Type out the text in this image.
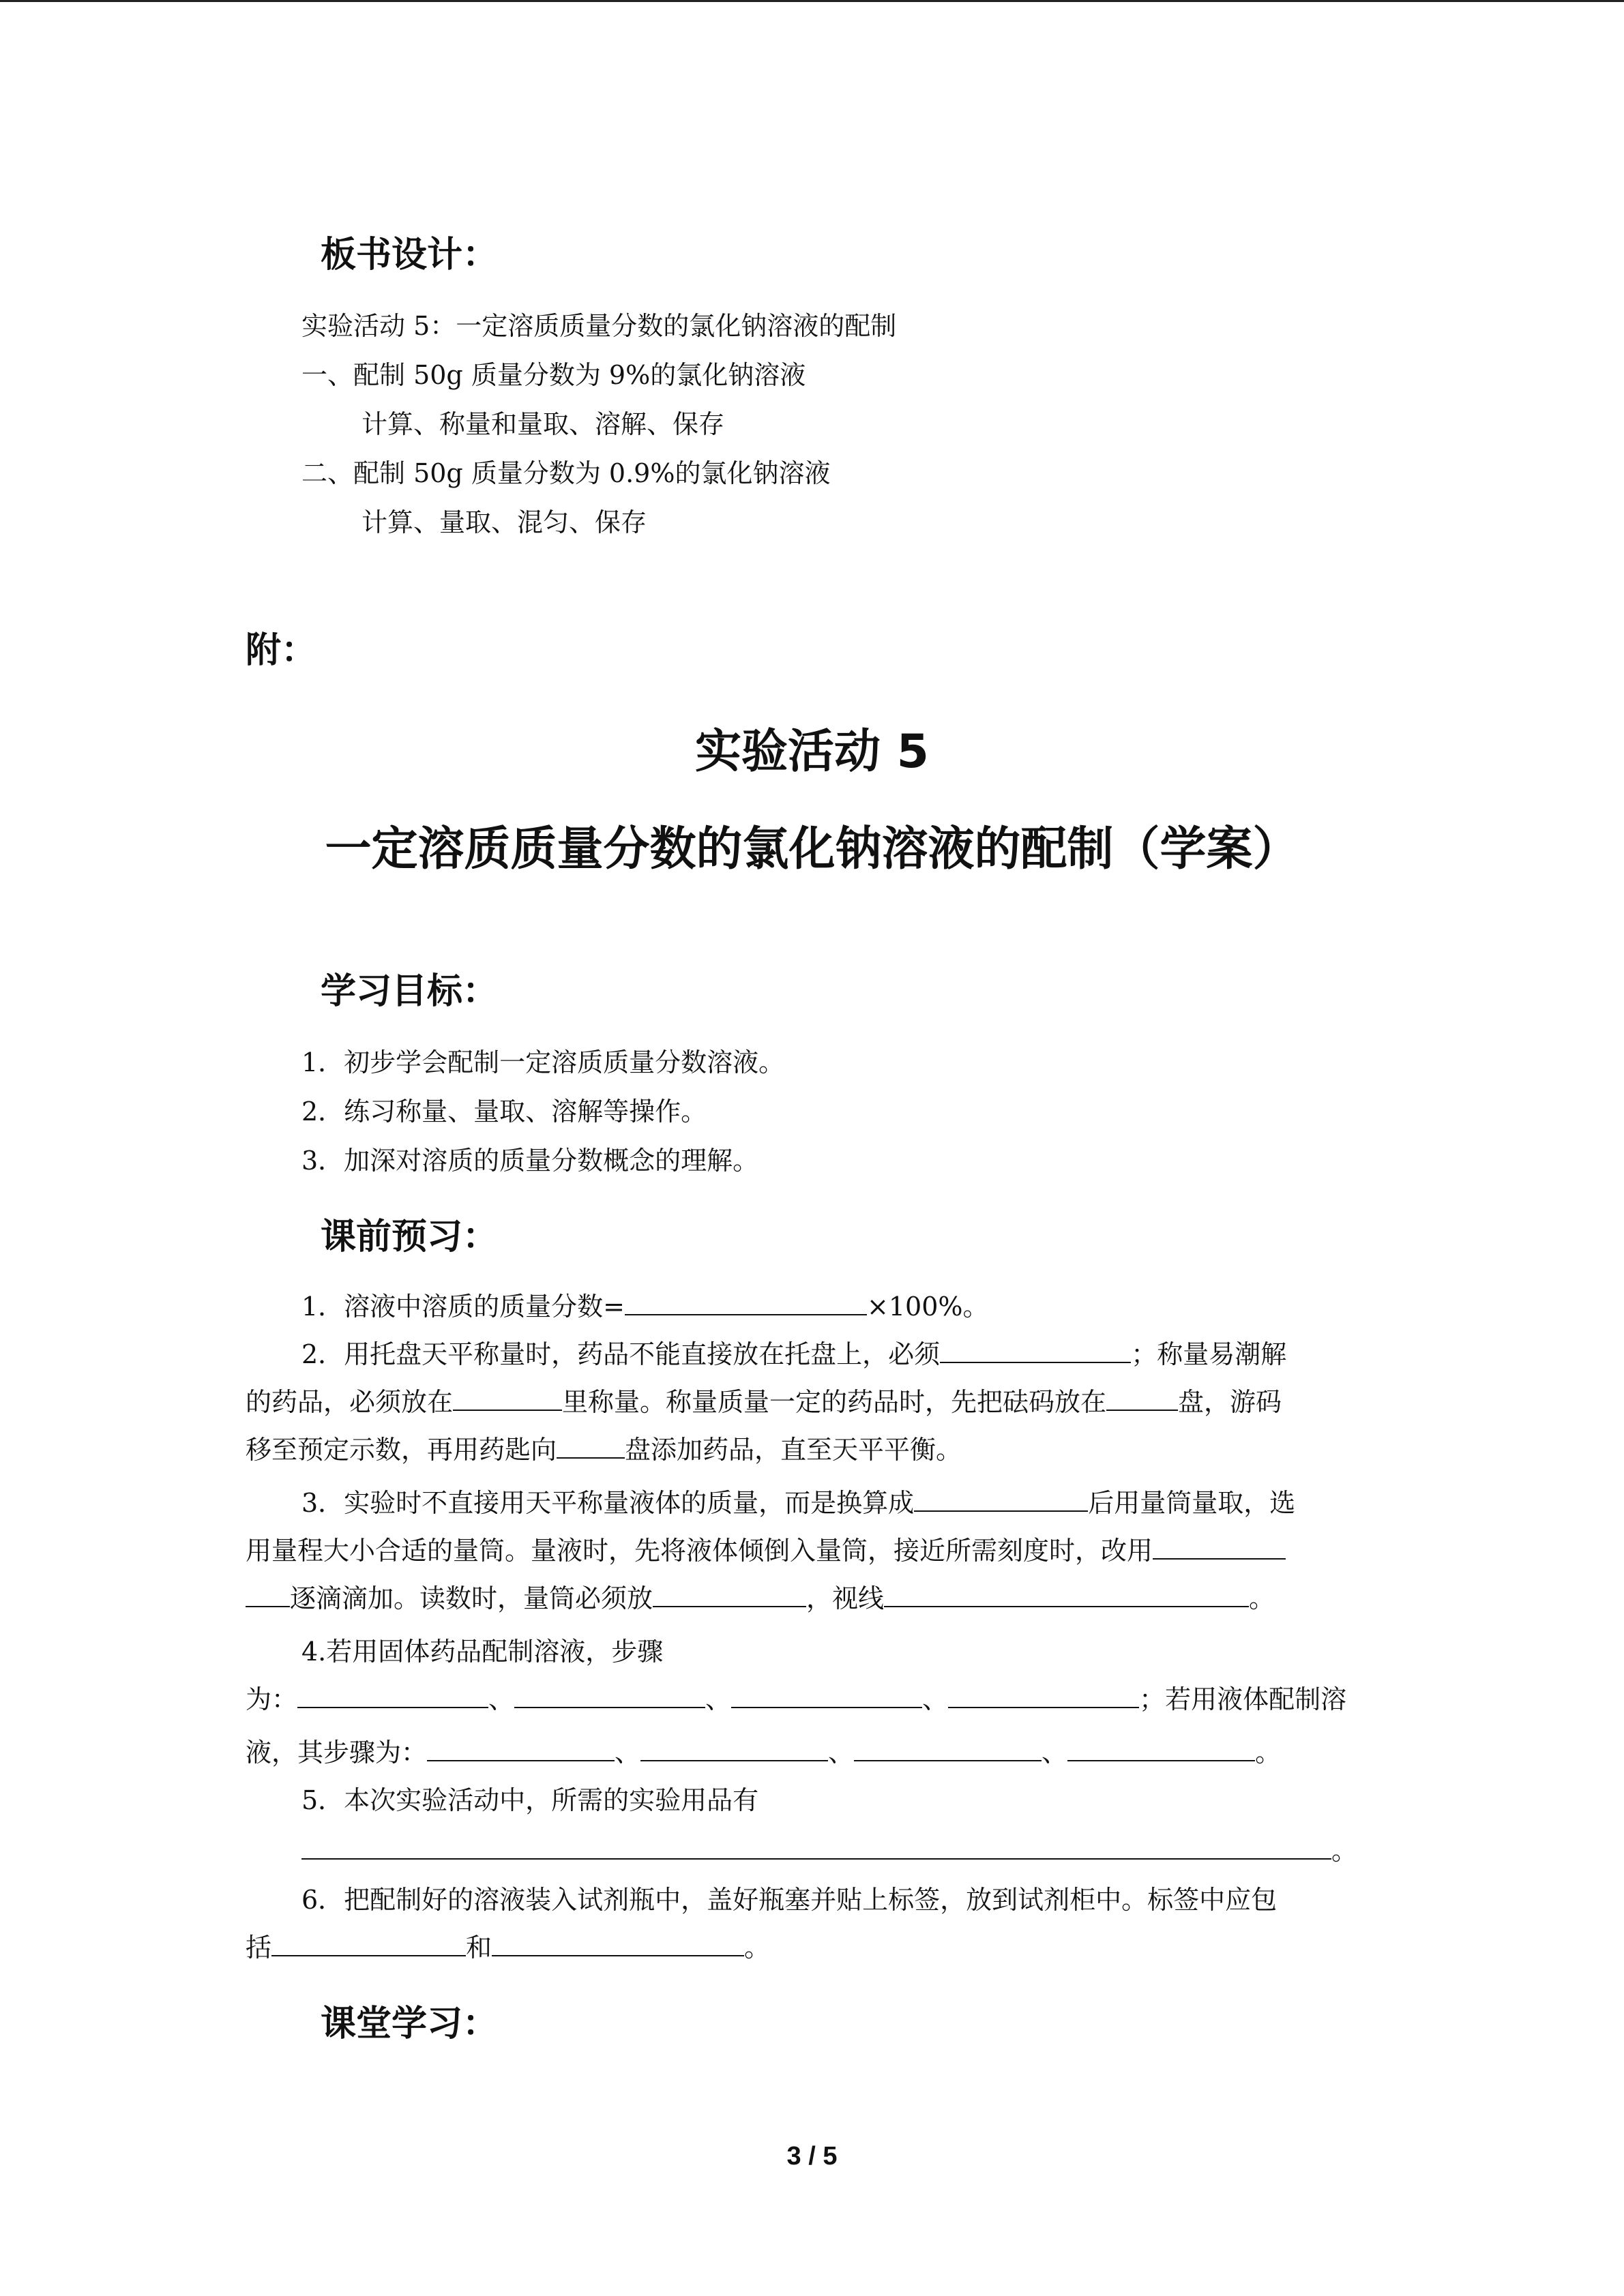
板书设计：
实验活动 5：一定溶质质量分数的氯化钠溶液的配制
一、配制 50g 质量分数为 9%的氯化钠溶液
计算、称量和量取、溶解、保存
二、配制 50g 质量分数为 0.9%的氯化钠溶液
计算、量取、混匀、保存
附：
实验活动 5
一定溶质质量分数的氯化钠溶液的配制（学案）
学习目标：
1．初步学会配制一定溶质质量分数溶液。
2．练习称量、量取、溶解等操作。
3．加深对溶质的质量分数概念的理解。
课前预习：
1．溶液中溶质的质量分数=	×100%。
2．用托盘天平称量时，药品不能直接放在托盘上，必须	；称量易潮解
的药品，必须放在	里称量。称量质量一定的药品时，先把砝码放在	盘，游码
移至预定示数，再用药匙向	盘添加药品，直至天平平衡。
3．实验时不直接用天平称量液体的质量，而是换算成	后用量筒量取，选
用量程大小合适的量筒。量液时，先将液体倾倒入量筒，接近所需刻度时，改用
逐滴滴加。读数时，量筒必须放	，视线	。
4.若用固体药品配制溶液，步骤
为：	、	、	、	；若用液体配制溶
液，其步骤为：	、	、	、	。
5．本次实验活动中，所需的实验用品有
。
6．把配制好的溶液装入试剂瓶中，盖好瓶塞并贴上标签，放到试剂柜中。标签中应包
括	和	。
课堂学习：
3 / 5
